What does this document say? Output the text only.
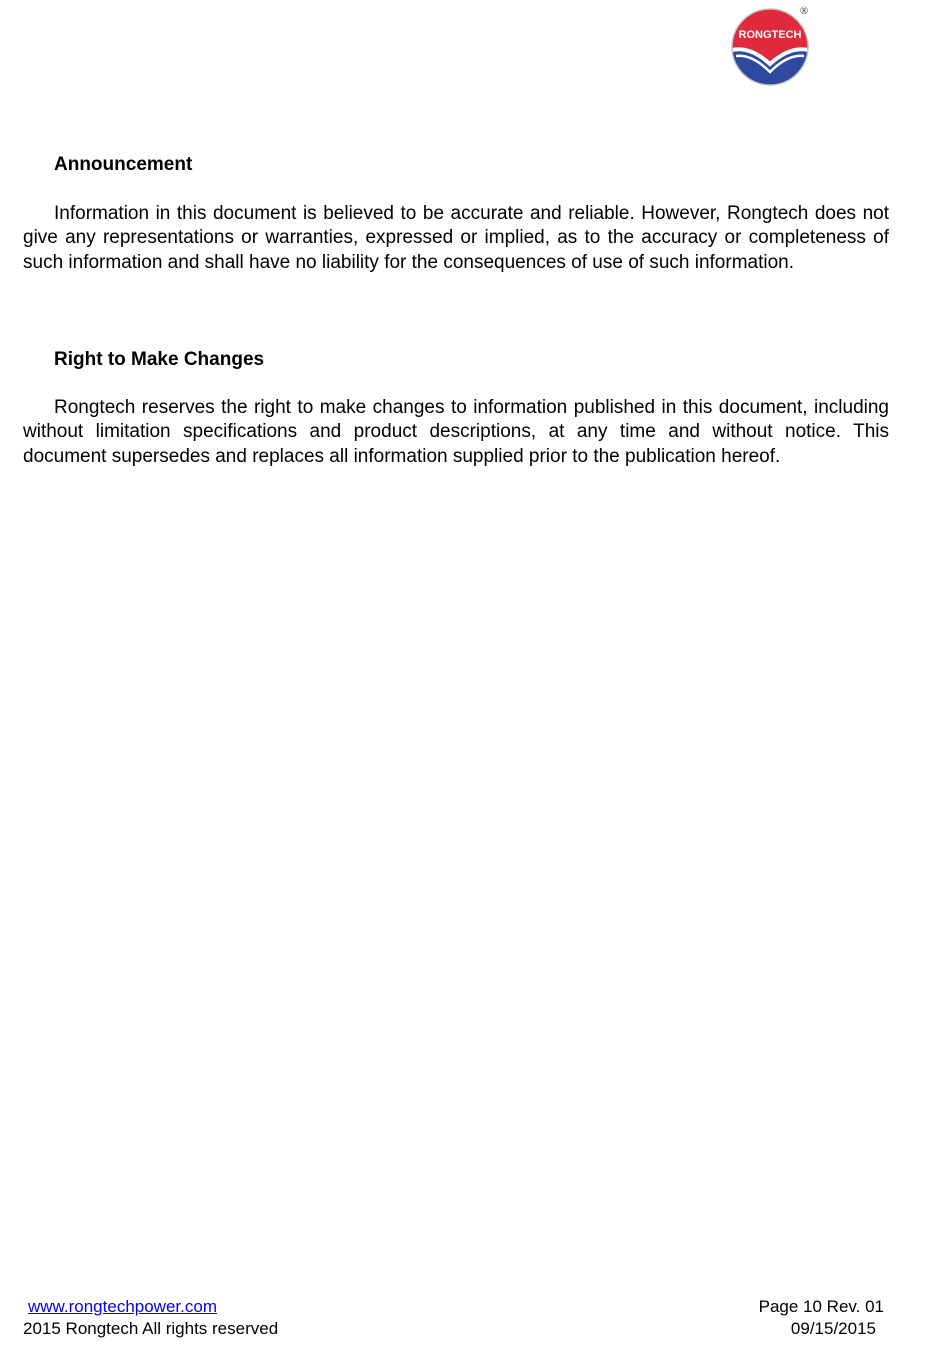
RONGTECH
®
Announcement

Information in this document is believed to be accurate and reliable. However, Rongtech does not give any representations or warranties, expressed or implied, as to the accuracy or completeness of such information and shall have no liability for the consequences of use of such information.

Right to Make Changes

Rongtech reserves the right to make changes to information published in this document, including without limitation specifications and product descriptions, at any time and without notice. This document supersedes and replaces all information supplied prior to the publication hereof.

www.rongtechpower.com
2015 Rongtech All rights reserved
Page 10 Rev. 01
09/15/2015
